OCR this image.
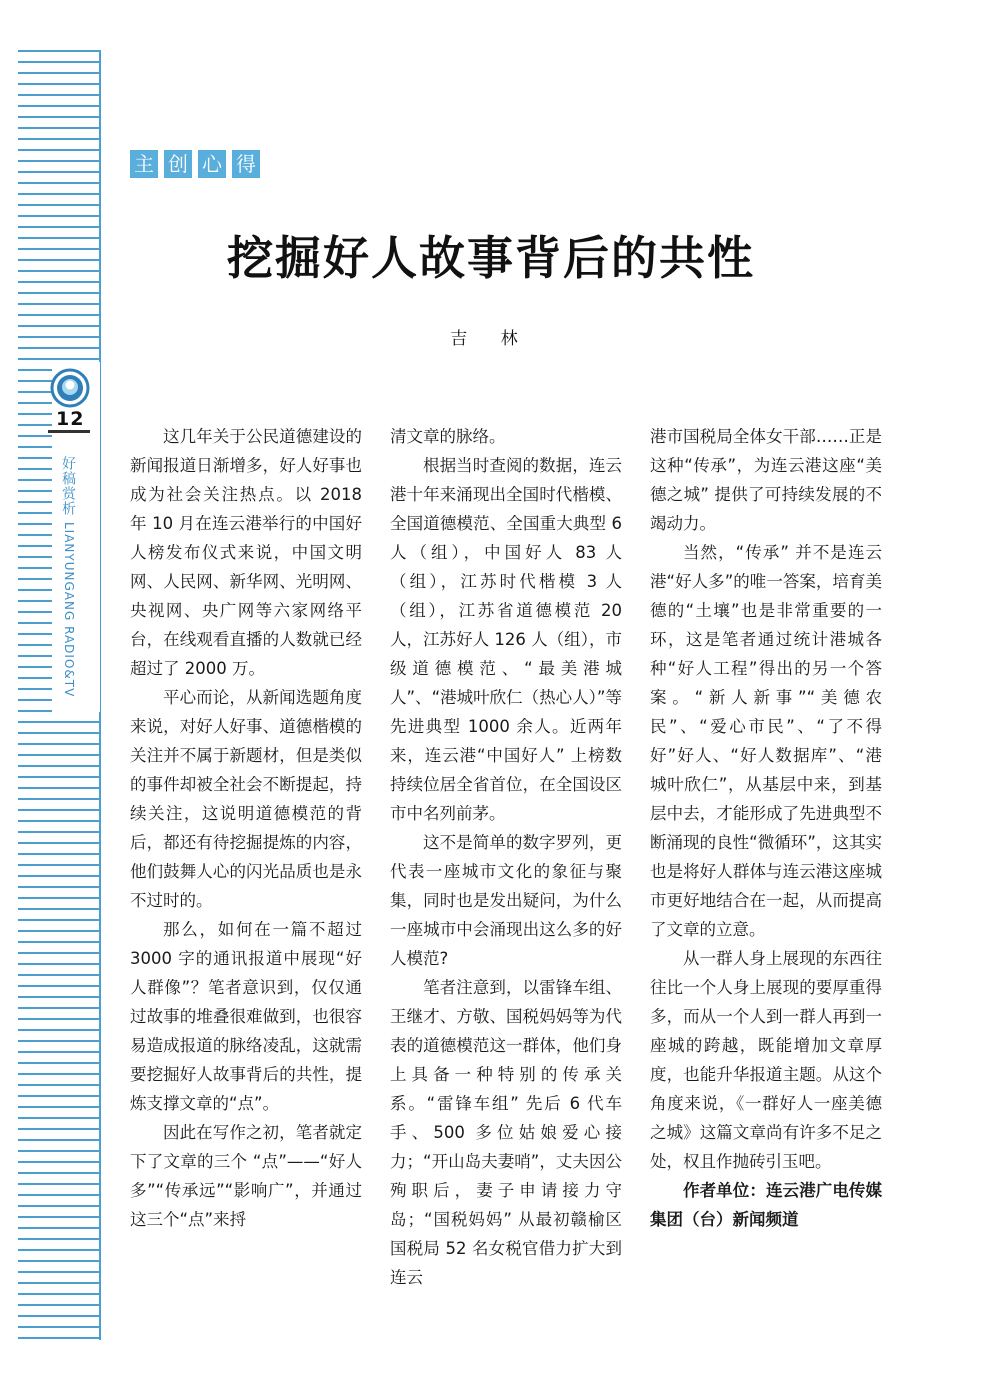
12
好稿赏析
LIANYUNGANG RADIO&TV
主 创 心 得
挖掘好人故事背后的共性
吉 林

这几年关于公民道德建设的新闻报道日渐增多，好人好事也成为社会关注热点。以 2018 年 10 月在连云港举行的中国好人榜发布仪式来说，中国文明网、人民网、新华网、光明网、央视网、央广网等六家网络平台，在线观看直播的人数就已经超过了 2000 万。

平心而论，从新闻选题角度来说，对好人好事、道德楷模的关注并不属于新题材，但是类似的事件却被全社会不断提起，持续关注，这说明道德模范的背后，都还有待挖掘提炼的内容，他们鼓舞人心的闪光品质也是永不过时的。

那么，如何在一篇不超过 3000 字的通讯报道中展现“好人群像”？笔者意识到，仅仅通过故事的堆叠很难做到，也很容易造成报道的脉络凌乱，这就需要挖掘好人故事背后的共性，提炼支撑文章的“点”。

因此在写作之初，笔者就定下了文章的三个 “点”——“好人多”“传承远”“影响广”，并通过这三个“点”来捋

清文章的脉络。

根据当时查阅的数据，连云港十年来涌现出全国时代楷模、全国道德模范、全国重大典型 6 人（组），中国好人 83 人（组），江苏时代楷模 3 人（组），江苏省道德模范 20 人，江苏好人 126 人（组），市级道德模范、“最美港城人”、“港城叶欣仁（热心人）”等先进典型 1000 余人。近两年来，连云港“中国好人” 上榜数持续位居全省首位，在全国设区市中名列前茅。

这不是简单的数字罗列，更代表一座城市文化的象征与聚集，同时也是发出疑问，为什么一座城市中会涌现出这么多的好人模范?

笔者注意到，以雷锋车组、王继才、方敬、国税妈妈等为代表的道德模范这一群体，他们身上具备一种特别的传承关系。“雷锋车组” 先后 6 代车手、500 多位姑娘爱心接力；“开山岛夫妻哨”，丈夫因公殉职后，妻子申请接力守岛；“国税妈妈” 从最初赣榆区国税局 52 名女税官借力扩大到连云

港市国税局全体女干部……正是这种“传承”，为连云港这座“美德之城” 提供了可持续发展的不竭动力。

当然，“传承” 并不是连云港“好人多”的唯一答案，培育美德的“土壤”也是非常重要的一环，这是笔者通过统计港城各种“好人工程”得出的另一个答案。“新人新事”“美德农民”、“爱心市民”、“了不得好”好人、“好人数据库”、“港城叶欣仁”，从基层中来，到基层中去，才能形成了先进典型不断涌现的良性“微循环”，这其实也是将好人群体与连云港这座城市更好地结合在一起，从而提高了文章的立意。

从一群人身上展现的东西往往比一个人身上展现的要厚重得多，而从一个人到一群人再到一座城的跨越，既能增加文章厚度，也能升华报道主题。从这个角度来说，《一群好人一座美德之城》这篇文章尚有许多不足之处，权且作抛砖引玉吧。

作者单位：连云港广电传媒集团（台）新闻频道
